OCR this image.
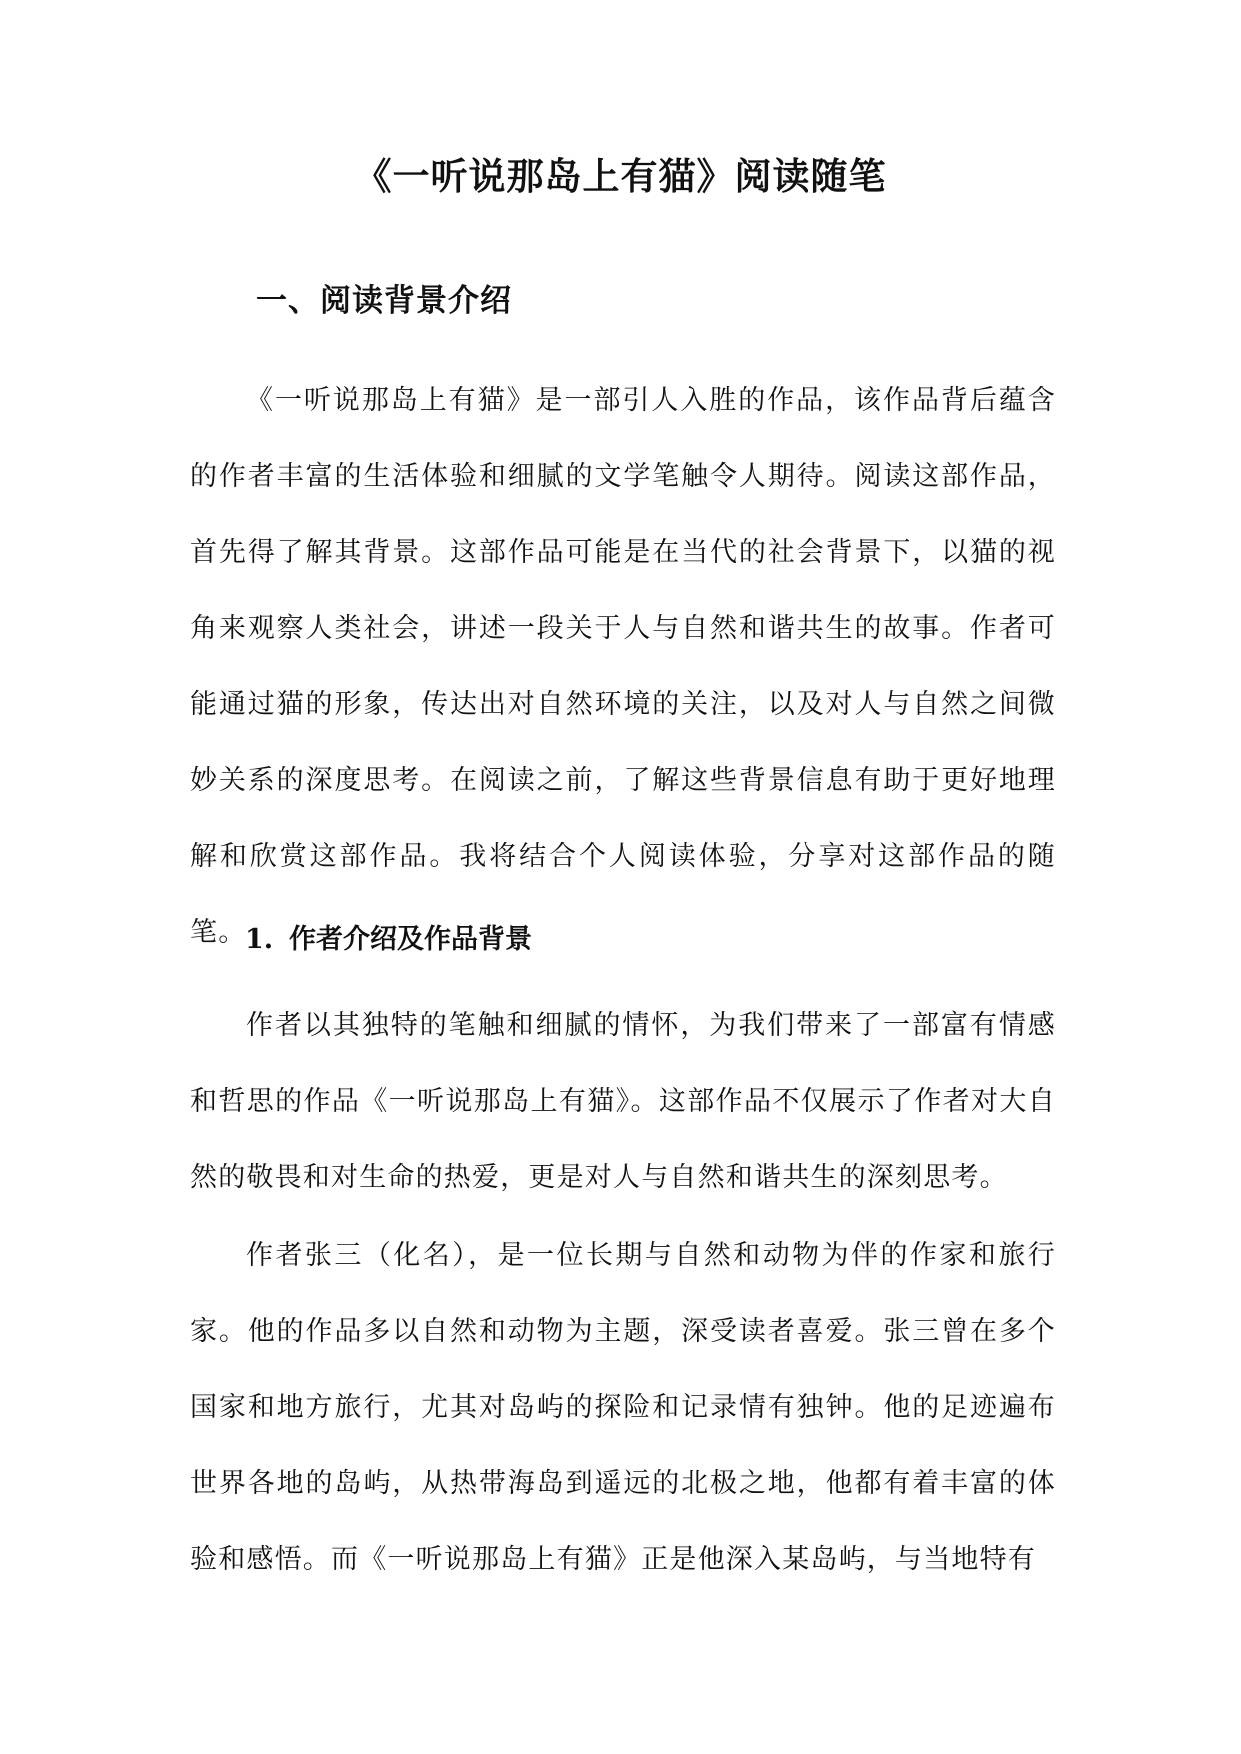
《一听说那岛上有猫》阅读随笔
一、阅读背景介绍

《一听说那岛上有猫》是一部引人入胜的作品，该作品背后蕴含的作者丰富的生活体验和细腻的文学笔触令人期待。阅读这部作品，首先得了解其背景。这部作品可能是在当代的社会背景下，以猫的视角来观察人类社会，讲述一段关于人与自然和谐共生的故事。作者可能通过猫的形象，传达出对自然环境的关注，以及对人与自然之间微妙关系的深度思考。在阅读之前，了解这些背景信息有助于更好地理解和欣赏这部作品。我将结合个人阅读体验，分享对这部作品的随笔。

1. 作者介绍及作品背景

作者以其独特的笔触和细腻的情怀，为我们带来了一部富有情感和哲思的作品《一听说那岛上有猫》。这部作品不仅展示了作者对大自然的敬畏和对生命的热爱，更是对人与自然和谐共生的深刻思考。

作者张三（化名），是一位长期与自然和动物为伴的作家和旅行家。他的作品多以自然和动物为主题，深受读者喜爱。张三曾在多个国家和地方旅行，尤其对岛屿的探险和记录情有独钟。他的足迹遍布世界各地的岛屿，从热带海岛到遥远的北极之地，他都有着丰富的体验和感悟。而《一听说那岛上有猫》正是他深入某岛屿，与当地特有
